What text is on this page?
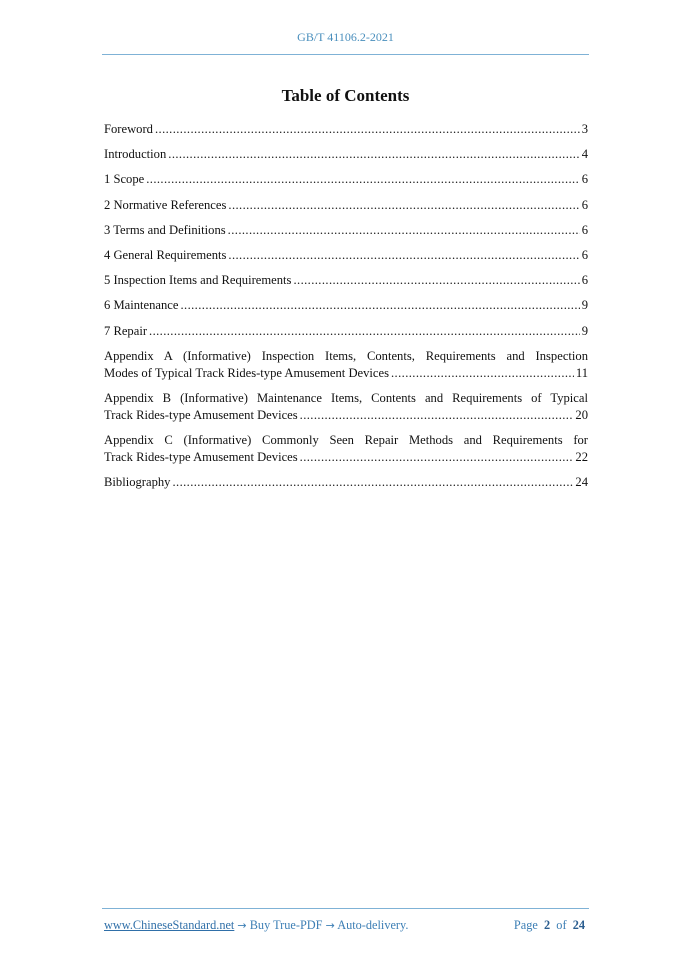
GB/T 41106.2-2021
Table of Contents
Foreword .....	3
Introduction .....	4
1 Scope .....	6
2 Normative References .....	6
3 Terms and Definitions .....	6
4 General Requirements .....	6
5 Inspection Items and Requirements .....	6
6 Maintenance .....	9
7 Repair .....	9
Appendix A (Informative) Inspection Items, Contents, Requirements and Inspection
Modes of Typical Track Rides-type Amusement Devices .....	11
Appendix B (Informative) Maintenance Items, Contents and Requirements of Typical
Track Rides-type Amusement Devices .....	20
Appendix C (Informative) Commonly Seen Repair Methods and Requirements for
Track Rides-type Amusement Devices .....	22
Bibliography .....	24
www.ChineseStandard.net → Buy True-PDF → Auto-delivery.	Page 2 of 24
